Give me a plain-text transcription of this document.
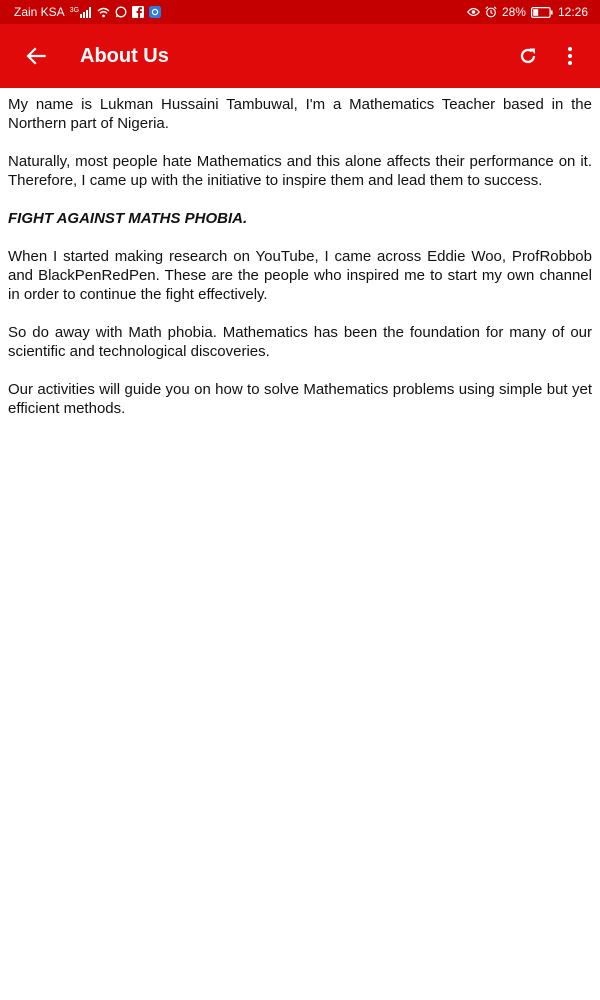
Zain KSA 3G	28%	12:26
About Us

My name is Lukman Hussaini Tambuwal, I'm a Mathematics Teacher based in the Northern part of Nigeria.

Naturally, most people hate Mathematics and this alone affects their performance on it. Therefore, I came up with the initiative to inspire them and lead them to success.

FIGHT AGAINST MATHS PHOBIA.

When I started making research on YouTube, I came across Eddie Woo, ProfRobbob and BlackPenRedPen. These are the people who inspired me to start my own channel in order to continue the fight effectively.

So do away with Math phobia. Mathematics has been the foundation for many of our scientific and technological discoveries.

Our activities will guide you on how to solve Mathematics problems using simple but yet efficient methods.
